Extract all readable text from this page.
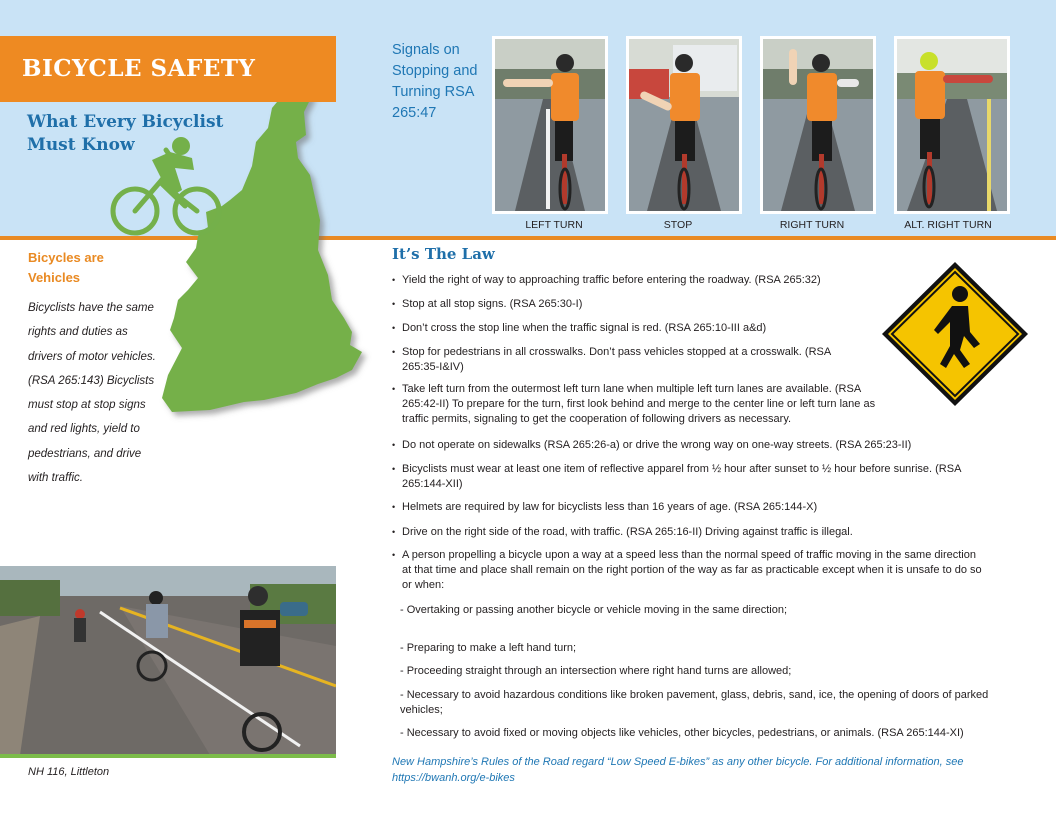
BICYCLE SAFETY
What Every Bicyclist Must Know
Signals on Stopping and Turning RSA 265:47
LEFT TURN	STOP	RIGHT TURN	ALT. RIGHT TURN
Bicycles are Vehicles
Bicyclists have the same rights and duties as drivers of motor vehicles. (RSA 265:143) Bicyclists must stop at stop signs and red lights, yield to pedestrians, and drive with traffic.
NH 116, Littleton
It’s The Law
• Yield the right of way to approaching traffic before entering the roadway. (RSA 265:32)
• Stop at all stop signs. (RSA 265:30-I)
• Don’t cross the stop line when the traffic signal is red. (RSA 265:10-III a&d)
• Stop for pedestrians in all crosswalks. Don’t pass vehicles stopped at a crosswalk. (RSA 265:35-I&IV)
• Take left turn from the outermost left turn lane when multiple left turn lanes are available. (RSA 265:42-II) To prepare for the turn, first look behind and merge to the center line or left turn lane as traffic permits, signaling to get the cooperation of following drivers as necessary.
• Do not operate on sidewalks (RSA 265:26-a) or drive the wrong way on one-way streets. (RSA 265:23-II)
• Bicyclists must wear at least one item of reflective apparel from ½ hour after sunset to ½ hour before sunrise. (RSA 265:144-XII)
• Helmets are required by law for bicyclists less than 16 years of age. (RSA 265:144-X)
• Drive on the right side of the road, with traffic. (RSA 265:16-II) Driving against traffic is illegal.
• A person propelling a bicycle upon a way at a speed less than the normal speed of traffic moving in the same direction at that time and place shall remain on the right portion of the way as far as practicable except when it is unsafe to do so or when:
- Overtaking or passing another bicycle or vehicle moving in the same direction;
- Preparing to make a left hand turn;
- Proceeding straight through an intersection where right hand turns are allowed;
- Necessary to avoid hazardous conditions like broken pavement, glass, debris, sand, ice, the opening of doors of parked vehicles;
- Necessary to avoid fixed or moving objects like vehicles, other bicycles, pedestrians, or animals. (RSA 265:144-XI)
New Hampshire’s Rules of the Road regard “Low Speed E-bikes” as any other bicycle. For additional information, see https://bwanh.org/e-bikes
